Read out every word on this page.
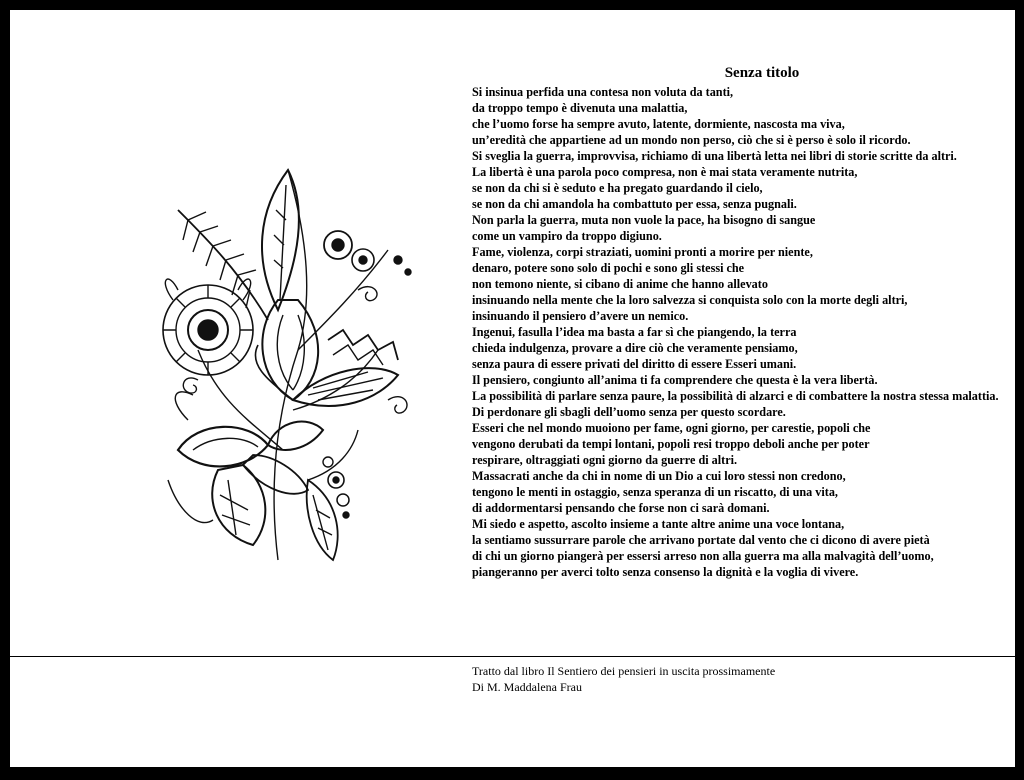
Senza titolo
Si insinua perfida una contesa non voluta da tanti,
da troppo tempo è divenuta una malattia,
che l’uomo forse ha sempre avuto, latente, dormiente, nascosta ma viva,
un’eredità che appartiene ad un mondo non perso, ciò che si è perso è solo il ricordo.
Si sveglia la guerra, improvvisa, richiamo di una libertà letta nei libri di storie scritte da altri.
La libertà è una parola poco compresa, non è mai stata veramente nutrita,
se non da chi si è seduto e ha pregato guardando il cielo,
se non da chi amandola ha combattuto per essa, senza pugnali.
Non parla la guerra, muta non vuole la pace, ha bisogno di sangue
come un vampiro da troppo digiuno.
Fame, violenza, corpi straziati, uomini pronti a morire per niente,
denaro, potere sono solo di pochi e sono gli stessi che
non temono niente, si cibano di anime che hanno allevato
insinuando nella mente che la loro salvezza si conquista solo con la morte degli altri,
insinuando il pensiero d’avere un nemico.
Ingenui, fasulla l’idea ma basta a far sì che piangendo, la terra
chieda indulgenza, provare a dire ciò che veramente pensiamo,
senza paura di essere privati del diritto di essere Esseri umani.
Il pensiero, congiunto all’anima ti fa comprendere che questa è la vera libertà.
La possibilità di parlare senza paure, la possibilità di alzarci e di combattere la nostra stessa malattia.
Di perdonare gli sbagli dell’uomo senza per questo scordare.
Esseri che nel mondo muoiono per fame, ogni giorno, per carestie, popoli che
vengono derubati da tempi lontani, popoli resi troppo deboli anche per poter
respirare, oltraggiati ogni giorno da guerre di altri.
Massacrati anche da chi in nome di un Dio a cui loro stessi non credono,
tengono le menti in ostaggio, senza speranza di un riscatto, di una vita,
di addormentarsi pensando che forse non ci sarà domani.
Mi siedo e aspetto, ascolto insieme a tante altre anime una voce lontana,
la sentiamo sussurrare parole che arrivano portate dal vento che ci dicono di avere pietà
di chi un giorno piangerà per essersi arreso non alla guerra ma alla malvagità dell’uomo,
piangeranno per averci tolto senza consenso la dignità e la voglia di vivere.
Tratto dal libro Il Sentiero dei pensieri in uscita prossimamente
Di M. Maddalena Frau
